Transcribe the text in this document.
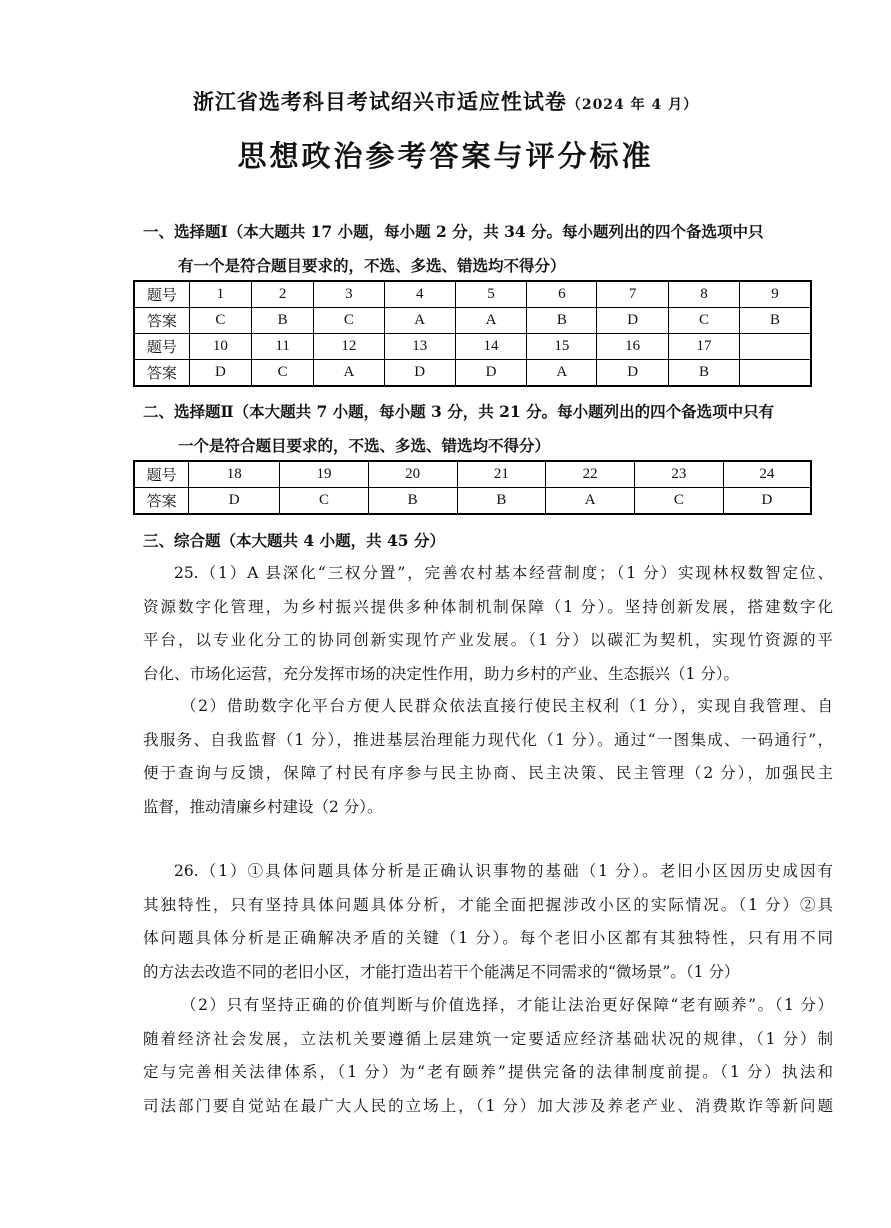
浙江省选考科目考试绍兴市适应性试卷（2024 年 4 月）
思想政治参考答案与评分标准
一、选择题Ⅰ（本大题共 17 小题，每小题 2 分，共 34 分。每小题列出的四个备选项中只
有一个是符合题目要求的，不选、多选、错选均不得分）
题号	1	2	3	4	5	6	7	8	9
答案	C	B	C	A	A	B	D	C	B
题号	10	11	12	13	14	15	16	17	
答案	D	C	A	D	D	A	D	B	
二、选择题Ⅱ（本大题共 7 小题，每小题 3 分，共 21 分。每小题列出的四个备选项中只有
一个是符合题目要求的，不选、多选、错选均不得分）
题号	18	19	20	21	22	23	24
答案	D	C	B	B	A	C	D
三、综合题（本大题共 4 小题，共 45 分）
25.（1）A 县深化“三权分置”，完善农村基本经营制度；（1 分）实现林权数智定位、
资源数字化管理，为乡村振兴提供多种体制机制保障（1 分）。坚持创新发展，搭建数字化
平台，以专业化分工的协同创新实现竹产业发展。（1 分）以碳汇为契机，实现竹资源的平
台化、市场化运营，充分发挥市场的决定性作用，助力乡村的产业、生态振兴（1 分）。
（2）借助数字化平台方便人民群众依法直接行使民主权利（1 分），实现自我管理、自
我服务、自我监督（1 分），推进基层治理能力现代化（1 分）。通过“一图集成、一码通行”，
便于查询与反馈，保障了村民有序参与民主协商、民主决策、民主管理（2 分），加强民主
监督，推动清廉乡村建设（2 分）。
26.（1）①具体问题具体分析是正确认识事物的基础（1 分）。老旧小区因历史成因有
其独特性，只有坚持具体问题具体分析，才能全面把握涉改小区的实际情况。（1 分）②具
体问题具体分析是正确解决矛盾的关键（1 分）。每个老旧小区都有其独特性，只有用不同
的方法去改造不同的老旧小区，才能打造出若干个能满足不同需求的“微场景”。（1 分）
（2）只有坚持正确的价值判断与价值选择，才能让法治更好保障“老有颐养”。（1 分）
随着经济社会发展，立法机关要遵循上层建筑一定要适应经济基础状况的规律，（1 分）制
定与完善相关法律体系，（1 分）为“老有颐养”提供完备的法律制度前提。（1 分）执法和
司法部门要自觉站在最广大人民的立场上，（1 分）加大涉及养老产业、消费欺诈等新问题
